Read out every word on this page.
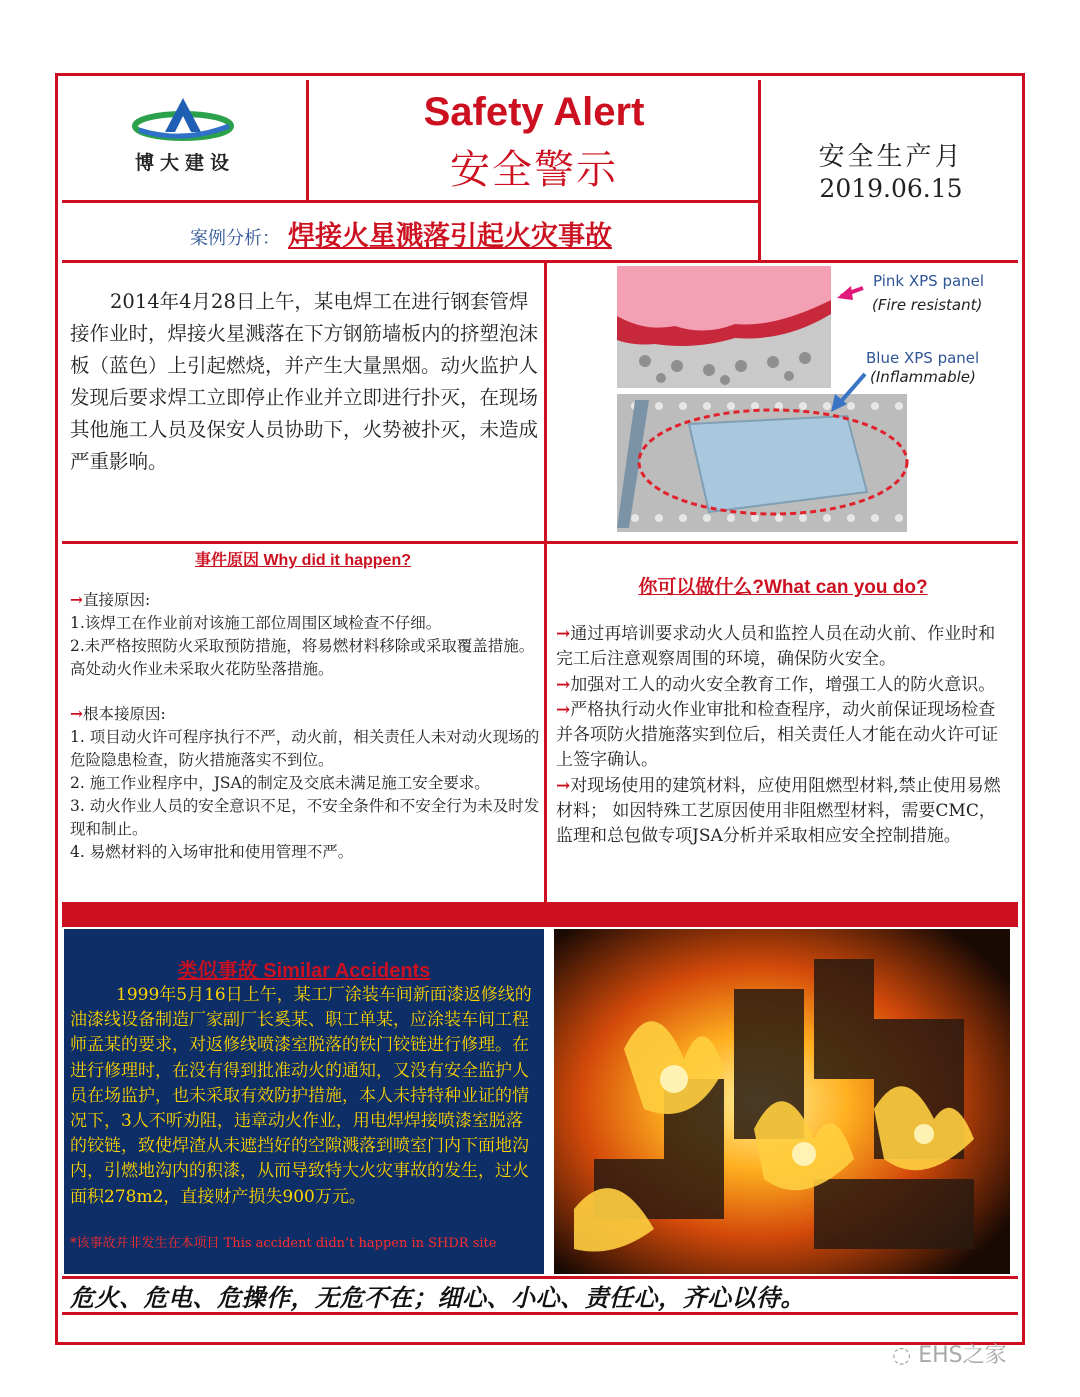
博大建设
Safety Alert
安全警示	安全生产月
2019.06.15
案例分析： 焊接火星溅落引起火灾事故
2014年4月28日上午，某电焊工在进行钢套管焊接作业时，焊接火星溅落在下方钢筋墙板内的挤塑泡沫板（蓝色）上引起燃烧，并产生大量黑烟。动火监护人发现后要求焊工立即停止作业并立即进行扑灭，在现场其他施工人员及保安人员协助下，火势被扑灭，未造成严重影响。
Pink XPS panel
(Fire resistant)
Blue XPS panel
(Inflammable)
事件原因 Why did it happen?

→直接原因:

1.该焊工在作业前对该施工部位周围区域检查不仔细。

2.未严格按照防火采取预防措施，将易燃材料移除或采取覆盖措施。高处动火作业未采取火花防坠落措施。

→根本接原因:

1. 项目动火许可程序执行不严，动火前，相关责任人未对动火现场的危险隐患检查，防火措施落实不到位。

2. 施工作业程序中，JSA的制定及交底未满足施工安全要求。

3. 动火作业人员的安全意识不足，不安全条件和不安全行为未及时发现和制止。

4. 易燃材料的入场审批和使用管理不严。

你可以做什么?What can you do?

→通过再培训要求动火人员和监控人员在动火前、作业时和完工后注意观察周围的环境，确保防火安全。

→加强对工人的动火安全教育工作，增强工人的防火意识。

→严格执行动火作业审批和检查程序，动火前保证现场检查并各项防火措施落实到位后，相关责任人才能在动火许可证上签字确认。

→对现场使用的建筑材料，应使用阻燃型材料,禁止使用易燃材料； 如因特殊工艺原因使用非阻燃型材料，需要CMC，监理和总包做专项JSA分析并采取相应安全控制措施。

类似事故 Similar Accidents
1999年5月16日上午，某工厂涂装车间新面漆返修线的油漆线设备制造厂家副厂长奚某、职工单某，应涂装车间工程师孟某的要求，对返修线喷漆室脱落的铁门铰链进行修理。在进行修理时，在没有得到批准动火的通知，又没有安全监护人员在场监护，也未采取有效防护措施，本人未持特种业证的情况下，3人不听劝阻，违章动火作业，用电焊焊接喷漆室脱落的铰链，致使焊渣从未遮挡好的空隙溅落到喷室门内下面地沟内，引燃地沟内的积漆，从而导致特大火灾事故的发生，过火面积278m2，直接财产损失900万元。
*该事故并非发生在本项目 This accident didn’t happen in SHDR site
危火、危电、危操作，无危不在；细心、小心、责任心，齐心以待。
◌ EHS之家
